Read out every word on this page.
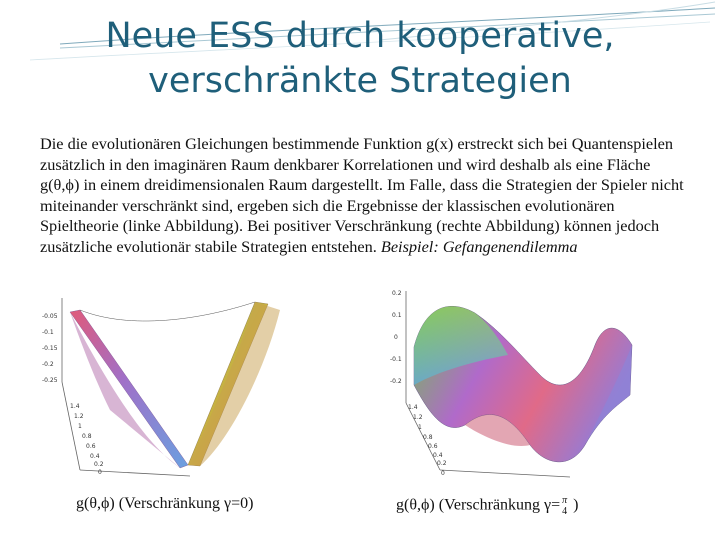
Neue ESS durch kooperative,
verschränkte Strategien

Die die evolutionären Gleichungen bestimmende Funktion g(x) erstreckt sich bei Quantenspielen zusätzlich in den imaginären Raum denkbarer Korrelationen und wird deshalb als eine Fläche g(θ,ϕ) in einem dreidimensionalen Raum dargestellt. Im Falle, dass die Strategien der Spieler nicht miteinander verschränkt sind, ergeben sich die Ergebnisse der klassischen evolutionären Spieltheorie (linke Abbildung). Bei positiver Verschränkung (rechte Abbildung) können jedoch zusätzliche evolutionär stabile Strategien entstehen. Beispiel: Gefangenendilemma

-0.05
-0.1
-0.15
-0.2
-0.25
1.4
1.2
1
0.8
0.6
0.4
0.2
0
0.2
0.1
0
-0.1
-0.2
1.4
1.2
1
0.8
0.6
0.4
0.2
0
g(θ,ϕ) (Verschränkung γ=0)	g(θ,ϕ) (Verschränkung γ= π
4 )
